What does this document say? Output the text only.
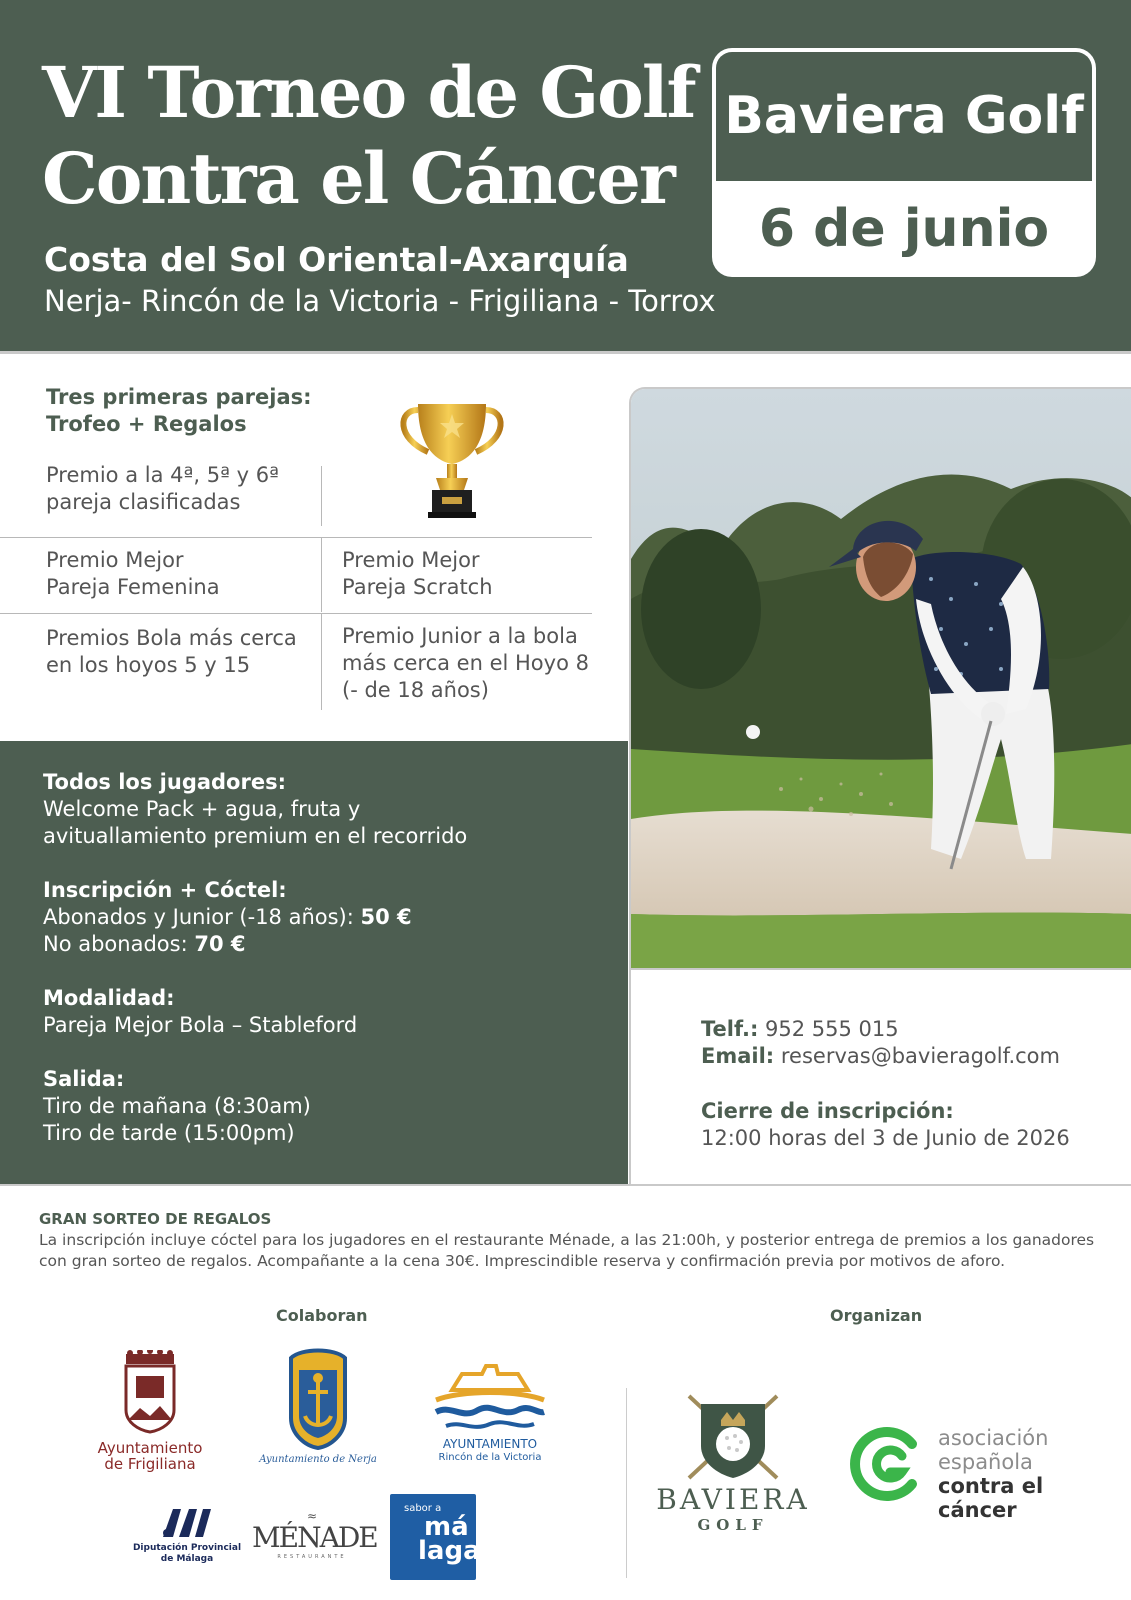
VI Torneo de Golf
Contra el Cáncer
Costa del Sol Oriental-Axarquía
Nerja- Rincón de la Victoria - Frigiliana - Torrox
Baviera Golf
6 de junio
Tres primeras parejas:
Trofeo + Regalos
Premio a la 4ª, 5ª y 6ª
pareja clasificadas
Premio Mejor
Pareja Femenina
Premio Mejor
Pareja Scratch
Premios Bola más cerca
en los hoyos 5 y 15
Premio Junior a la bola
más cerca en el Hoyo 8
(- de 18 años)
Todos los jugadores:
Welcome Pack + agua, fruta y
avituallamiento premium en el recorrido
Inscripción + Cóctel:
Abonados y Junior (-18 años): 50 €
No abonados: 70 €
Modalidad:
Pareja Mejor Bola – Stableford
Salida:
Tiro de mañana (8:30am)
Tiro de tarde (15:00pm)
Telf.: 952 555 015
Email: reservas@bavieragolf.com
Cierre de inscripción:
12:00 horas del 3 de Junio de 2026
GRAN SORTEO DE REGALOS
La inscripción incluye cóctel para los jugadores en el restaurante Ménade, a las 21:00h, y posterior entrega de premios a los ganadores con gran sorteo de regalos. Acompañante a la cena 30€. Imprescindible reserva y confirmación previa por motivos de aforo.
Colaboran	Organizan
Ayuntamiento
de Frigiliana	Ayuntamiento de Nerja
AYUNTAMIENTO
Rincón de la Victoria
Diputación Provincial
de Málaga
≈
MÉNADE
RESTAURANTE
sabor a
má
laga
BAVIERA
GOLF
asociación
española
contra el cáncer
